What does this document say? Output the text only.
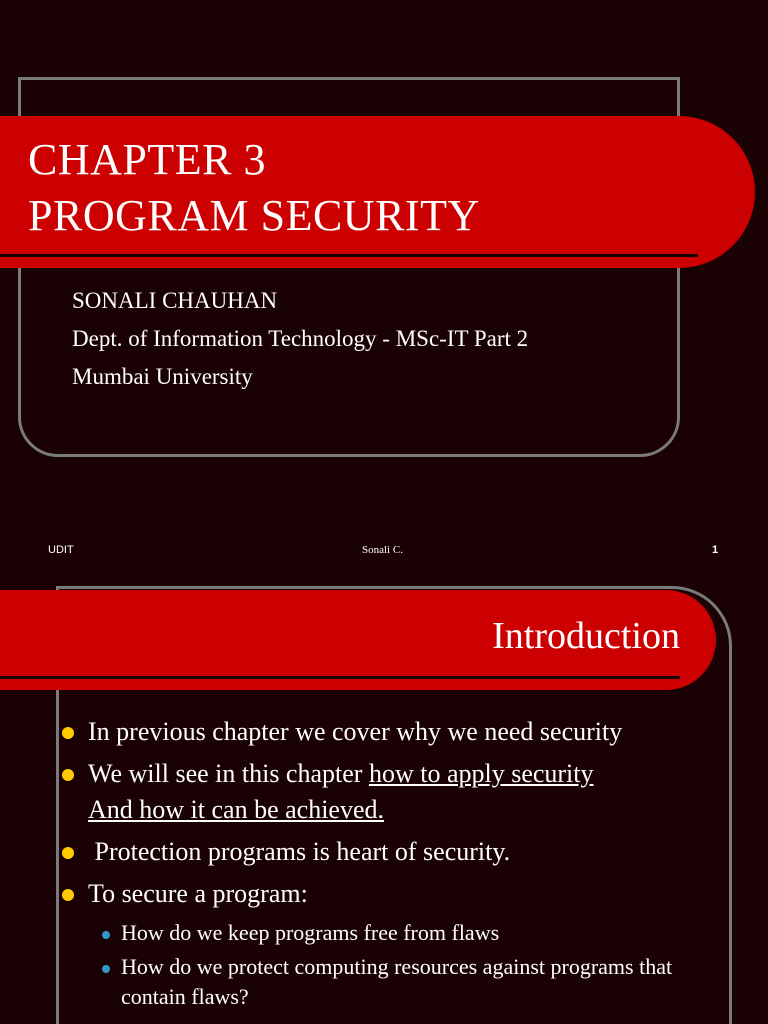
CHAPTER 3
PROGRAM SECURITY
SONALI CHAUHAN
Dept. of Information Technology - MSc-IT Part 2
Mumbai University
UDIT	Sonali C.	1
Introduction
In previous chapter we cover why we need security
We will see in this chapter how to apply security
And how it can be achieved.
Protection programs is heart of security.
To secure a program:
How do we keep programs free from flaws
How do we protect computing resources against programs that contain flaws?
